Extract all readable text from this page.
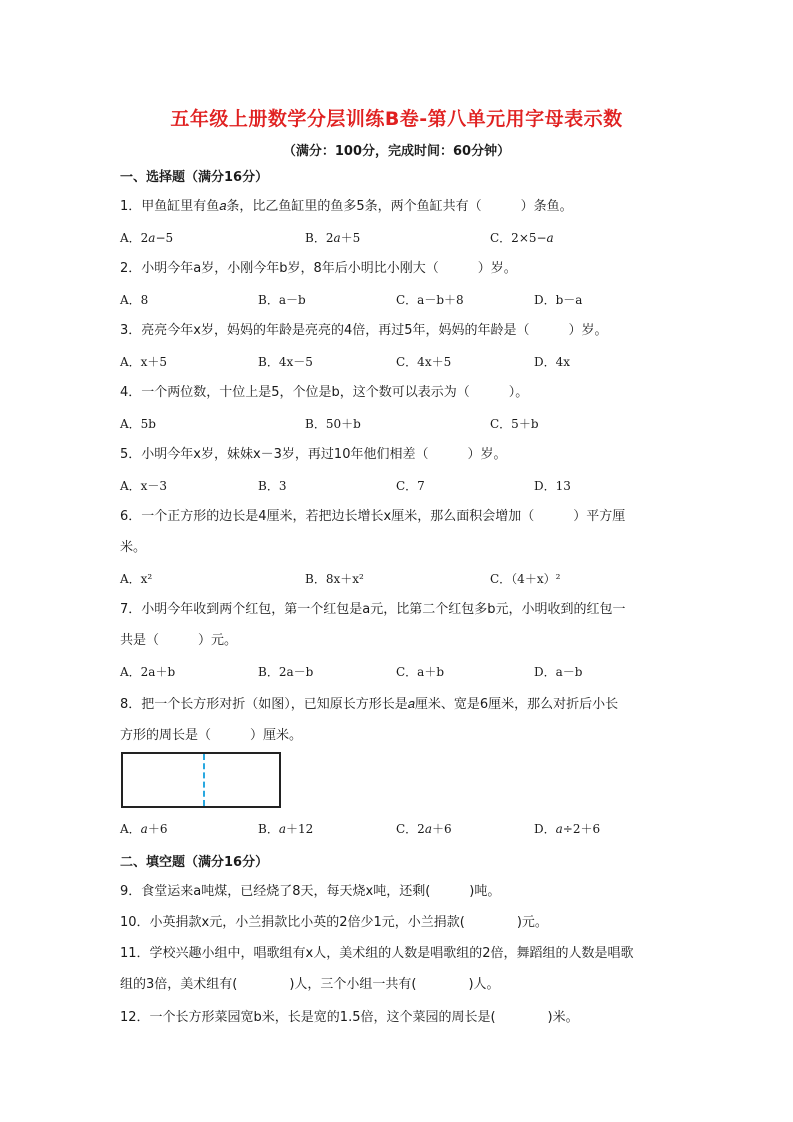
五年级上册数学分层训练B卷-第八单元用字母表示数
（满分：100分，完成时间：60分钟）
一、选择题（满分16分）
1．甲鱼缸里有鱼𝑎条，比乙鱼缸里的鱼多5条，两个鱼缸共有（　　　）条鱼。
A．2𝑎−5	B．2𝑎＋5	C．2×5−𝑎
2．小明今年a岁，小刚今年b岁，8年后小明比小刚大（　　　）岁。
A．8	B．a－b	C．a－b＋8	D．b－a
3．亮亮今年x岁，妈妈的年龄是亮亮的4倍，再过5年，妈妈的年龄是（　　　）岁。
A．x＋5	B．4x－5	C．4x＋5	D．4x
4．一个两位数，十位上是5，个位是b，这个数可以表示为（　　　）。
A．5b	B．50＋b	C．5＋b
5．小明今年x岁，妹妹x－3岁，再过10年他们相差（　　　）岁。
A．x－3	B．3	C．7	D．13
6．一个正方形的边长是4厘米，若把边长增长x厘米，那么面积会增加（　　　）平方厘
米。
A．x²	B．8x＋x²	C．（4＋x）²
7．小明今年收到两个红包，第一个红包是a元，比第二个红包多b元，小明收到的红包一
共是（　　　）元。
A．2a＋b	B．2a－b	C．a＋b	D．a－b
8．把一个长方形对折（如图），已知原长方形长是𝑎厘米、宽是6厘米，那么对折后小长
方形的周长是（　　　）厘米。
A．𝑎＋6	B．𝑎＋12	C．2𝑎＋6	D．𝑎÷2＋6
二、填空题（满分16分）
9．食堂运来a吨煤，已经烧了8天，每天烧x吨，还剩(　　　)吨。
10．小英捐款x元，小兰捐款比小英的2倍少1元，小兰捐款(　　　　)元。
11．学校兴趣小组中，唱歌组有x人，美术组的人数是唱歌组的2倍，舞蹈组的人数是唱歌
组的3倍，美术组有(　　　　)人，三个小组一共有(　　　　)人。
12．一个长方形菜园宽b米，长是宽的1.5倍，这个菜园的周长是(　　　　)米。
